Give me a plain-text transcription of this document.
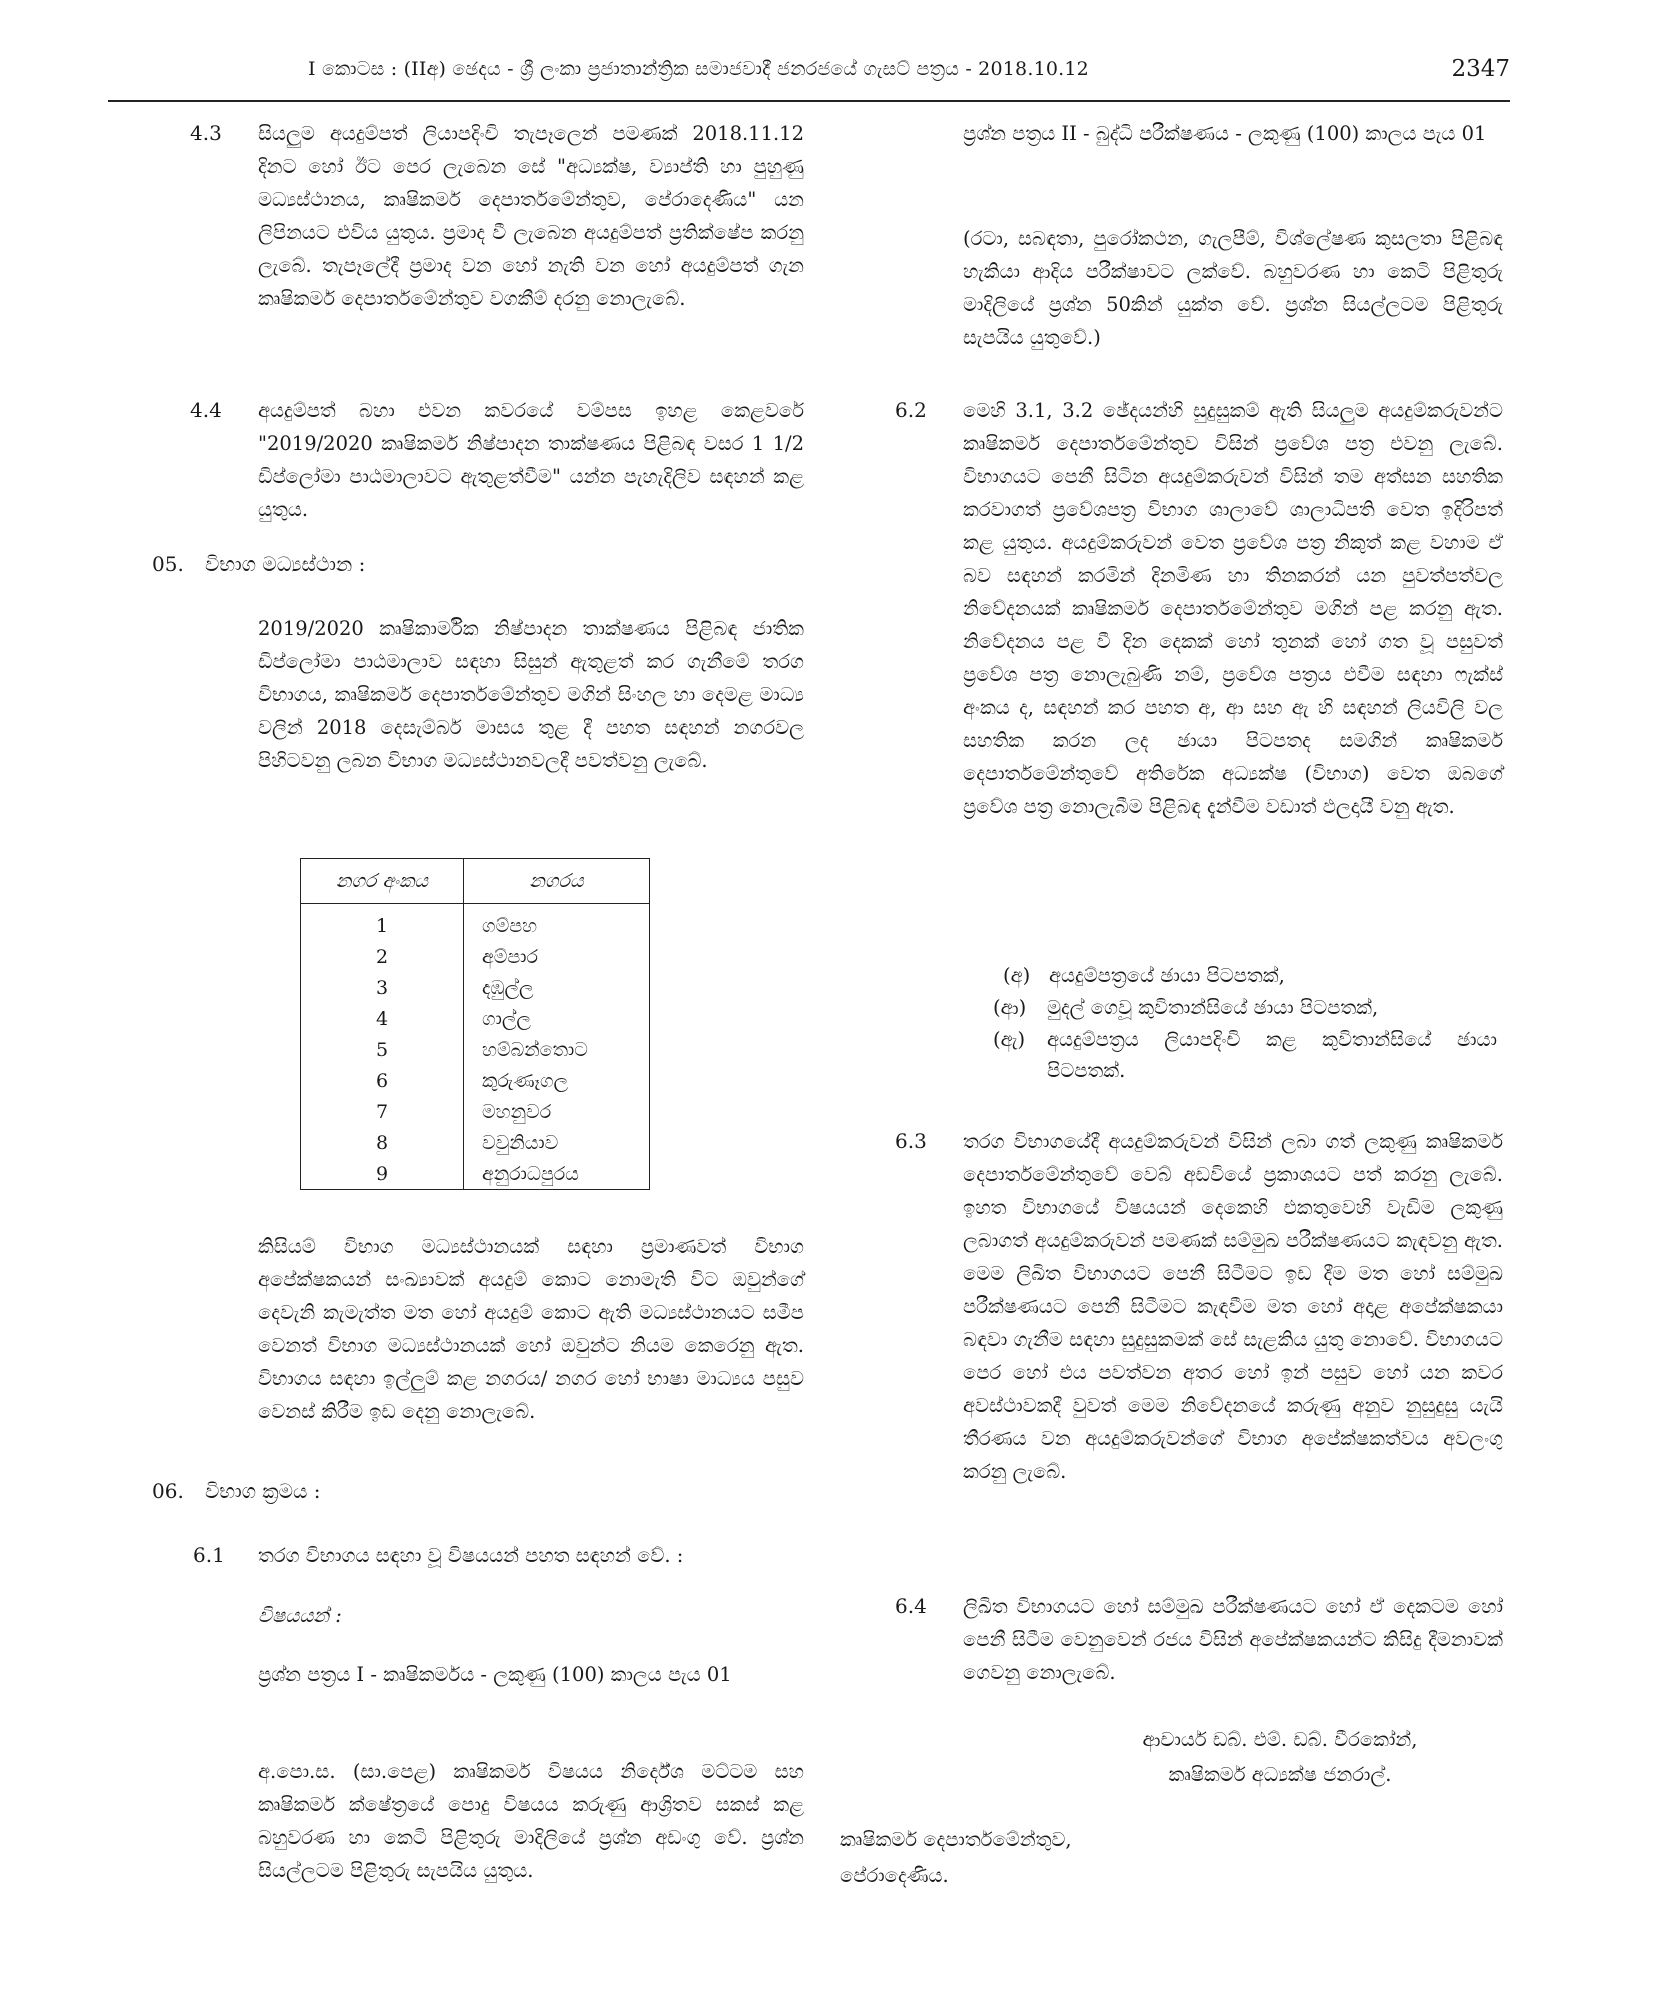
I කොටස : (IIඅ) ඡෙදය - ශ්‍රී ලංකා ප්‍රජාතාන්ත්‍රික සමාජවාදී ජනරජයේ ගැසට් පත්‍රය - 2018.10.12	2347
4.3 සියලුම අයදුම්පත් ලියාපදිංචි තැපෑලෙන් පමණක් 2018.11.12 දිනට හෝ ඊට පෙර ලැබෙන සේ "අධ්‍යක්ෂ, ව්‍යාප්ති හා පුහුණු මධ්‍යස්ථානය, කෘෂිකර්ම දෙපාර්තමේන්තුව, පේරාදෙණිය" යන ලිපිනයට එවිය යුතුය. ප්‍රමාද වී ලැබෙන අයදුම්පත් ප්‍රතික්ෂේප කරනු ලැබේ. තැපෑලේදී ප්‍රමාද වන හෝ නැති වන හෝ අයදුම්පත් ගැන කෘෂිකර්ම දෙපාර්තමේන්තුව වගකීම් දරනු නොලැබේ.
4.4 අයදුම්පත් බහා එවන කවරයේ වම්පස ඉහළ කෙළවරේ "2019/2020 කෘෂිකර්ම නිෂ්පාදන තාක්ෂණය පිළිබඳ වසර 1 1/2 ඩිප්ලෝමා පාඨමාලාවට ඇතුළත්වීම" යන්න පැහැදිලිව සඳහන් කළ යුතුය.
05. විභාග මධ්‍යස්ථාන :
2019/2020 කෘෂිකාර්මික නිෂ්පාදන තාක්ෂණය පිළිබඳ ජාතික ඩිප්ලෝමා පාඨමාලාව සඳහා සිසුන් ඇතුළත් කර ගැනීමේ තරග විභාගය, කෘෂිකර්ම දෙපාර්තමේන්තුව මගින් සිංහල හා දෙමළ මාධ්‍ය වලින් 2018 දෙසැම්බර් මාසය තුළ දී පහත සඳහන් නගරවල පිහිටවනු ලබන විභාග මධ්‍යස්ථානවලදී පවත්වනු ලැබේ.
නගර අංකය	නගරය
1	ගම්පහ
2	අම්පාර
3	දඹුල්ල
4	ගාල්ල
5	හම්බන්තොට
6	කුරුණෑගල
7	මහනුවර
8	වවුනියාව
9	අනුරාධපුරය
කිසියම් විභාග මධ්‍යස්ථානයක් සඳහා ප්‍රමාණවත් විභාග අපේක්ෂකයන් සංඛ්‍යාවක් අයදුම් කොට නොමැති විට ඔවුන්ගේ දෙවැනි කැමැත්ත මත හෝ අයදුම් කොට ඇති මධ්‍යස්ථානයට සමීප වෙනත් විභාග මධ්‍යස්ථානයක් හෝ ඔවුන්ට නියම කෙරෙනු ඇත. විභාගය සඳහා ඉල්ලුම් කළ නගරය/ නගර හෝ භාෂා මාධ්‍යය පසුව වෙනස් කිරීම ඉඩ දෙනු නොලැබේ.
06. විභාග ක්‍රමය :
6.1 තරග විභාගය සඳහා වූ විෂයයන් පහත සඳහන් වේ. :
විෂයයන් :
ප්‍රශ්න පත්‍රය I - කෘෂිකර්මය - ලකුණු (100) කාලය පැය 01
අ.පො.ස. (සා.පෙළ) කෘෂිකර්ම විෂයය නිර්දේශ මට්ටම සහ කෘෂිකර්ම ක්ෂේත්‍රයේ පොදු විෂයය කරුණු ආශ්‍රිතව සකස් කළ බහුවරණ හා කෙටි පිළිතුරු මාදිලියේ ප්‍රශ්න අඩංගු වේ. ප්‍රශ්න සියල්ලටම පිළිතුරු සැපයිය යුතුය.
ප්‍රශ්න පත්‍රය II - බුද්ධි පරීක්ෂණය - ලකුණු (100) කාලය පැය 01
(රටා, සබඳතා, පුරෝකථන, ගැලපීම්, විශ්ලේෂණ කුසලතා පිළිබඳ හැකියා ආදිය පරීක්ෂාවට ලක්වේ. බහුවරණ හා කෙටි පිළිතුරු මාදිලියේ ප්‍රශ්න 50කින් යුක්ත වේ. ප්‍රශ්න සියල්ලටම පිළිතුරු සැපයිය යුතුවේ.)
6.2 මෙහි 3.1, 3.2 ඡේදයන්හි සුදුසුකම් ඇති සියලුම අයදුම්කරුවන්ට කෘෂිකර්ම දෙපාර්තමේන්තුව විසින් ප්‍රවේශ පත්‍ර එවනු ලැබේ. විභාගයට පෙනී සිටින අයදුම්කරුවන් විසින් තම අත්සන සහතික කරවාගත් ප්‍රවේශපත්‍ර විභාග ශාලාවේ ශාලාධිපති වෙත ඉදිරිපත් කළ යුතුය. අයදුම්කරුවන් වෙත ප්‍රවේශ පත්‍ර නිකුත් කළ වහාම ඒ බව සඳහන් කරමින් දිනමිණ හා තිනකරන් යන පුවත්පත්වල නිවේදනයක් කෘෂිකර්ම දෙපාර්තමේන්තුව මගින් පළ කරනු ඇත. නිවේදනය පළ වී දින දෙකක් හෝ තුනක් හෝ ගත වූ පසුවත් ප්‍රවේශ පත්‍ර නොලැබුණි නම්, ප්‍රවේශ පත්‍රය එවීම සඳහා ෆැක්ස් අංකය ද, සඳහන් කර පහත අ, ආ සහ ඇ හි සඳහන් ලියවිලි වල සහතික කරන ලද ඡායා පිටපතද සමගින් කෘෂිකර්ම දෙපාර්තමේන්තුවේ අතිරේක අධ්‍යක්ෂ (විභාග) වෙත ඔබගේ ප්‍රවේශ පත්‍ර නොලැබීම පිළිබඳ දැන්වීම වඩාත් ඵලදායී වනු ඇත.
(අ) අයදුම්පත්‍රයේ ඡායා පිටපතක්,
(ආ) මුදල් ගෙවූ කුවිතාන්සියේ ඡායා පිටපතක්,
(ඇ) අයදුම්පත්‍රය ලියාපදිංචි කළ කුවිතාන්සියේ ඡායා පිටපතක්.
6.3 තරග විභාගයේදී අයදුම්කරුවන් විසින් ලබා ගත් ලකුණු කෘෂිකර්ම දෙපාර්තමේන්තුවේ වෙබ් අඩවියේ ප්‍රකාශයට පත් කරනු ලැබේ. ඉහත විභාගයේ විෂයයන් දෙකෙහි එකතුවෙහි වැඩිම ලකුණු ලබාගත් අයදුම්කරුවන් පමණක් සම්මුඛ පරීක්ෂණයට කැඳවනු ඇත. මෙම ලිඛිත විභාගයට පෙනී සිටීමට ඉඩ දීම මත හෝ සම්මුඛ පරීක්ෂණයට පෙනී සිටීමට කැඳවීම මත හෝ අදාළ අපේක්ෂකයා බඳවා ගැනීම සඳහා සුදුසුකමක් සේ සැළකිය යුතු නොවේ. විභාගයට පෙර හෝ එය පවත්වන අතර හෝ ඉන් පසුව හෝ යන කවර අවස්ථාවකදී වුවත් මෙම නිවේදනයේ කරුණු අනුව නුසුදුසු යැයි තීරණය වන අයදුම්කරුවන්ගේ විභාග අපේක්ෂකත්වය අවලංගු කරනු ලැබේ.
6.4 ලිඛිත විභාගයට හෝ සම්මුඛ පරීක්ෂණයට හෝ ඒ දෙකටම හෝ පෙනී සිටීම වෙනුවෙන් රජය විසින් අපේක්ෂකයන්ට කිසිදු දීමනාවක් ගෙවනු නොලැබේ.
ආචාර්ය ඩබ්. එම්. ඩබ්. වීරකෝන්,
කෘෂිකර්ම අධ්‍යක්ෂ ජනරාල්.
කෘෂිකර්ම දෙපාර්තමේන්තුව,
පේරාදෙණිය.
